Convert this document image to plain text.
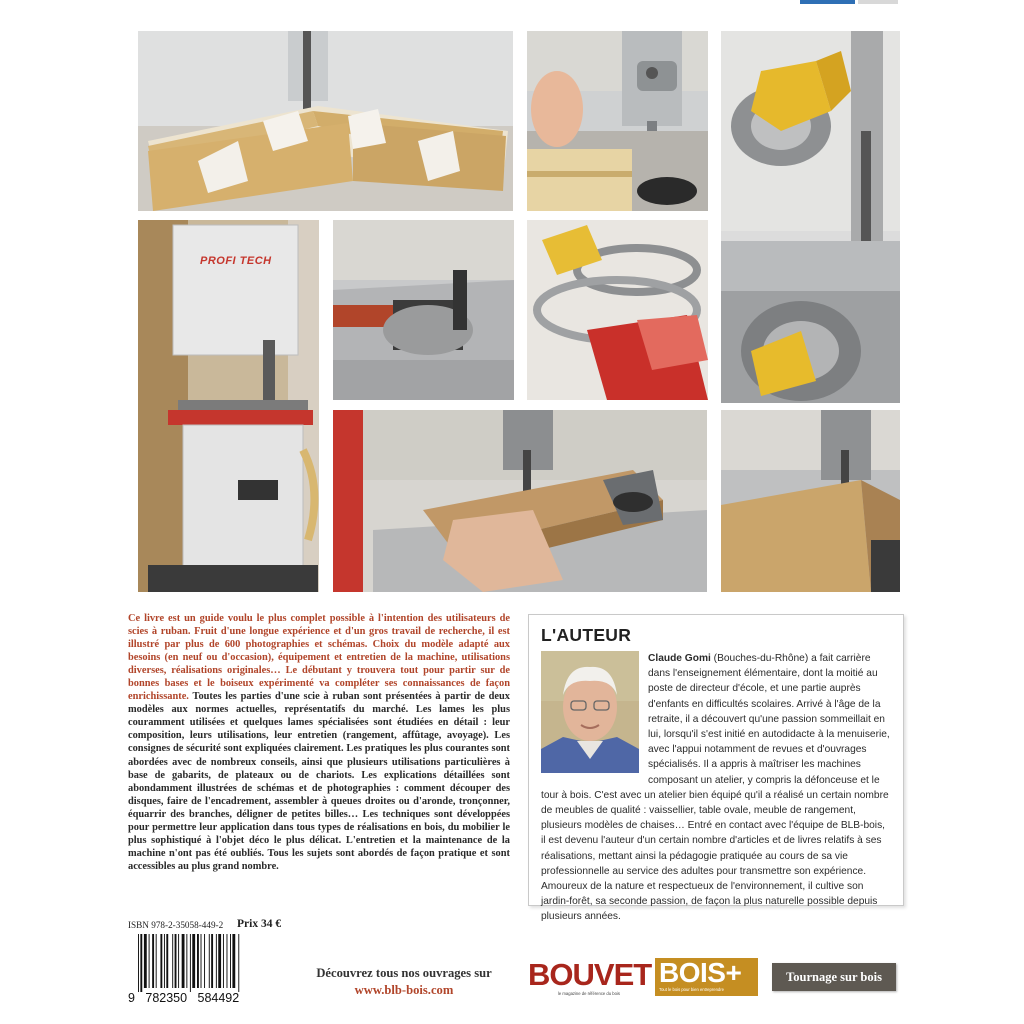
PROFI TECH

Ce livre est un guide voulu le plus complet possible à l'intention des utilisateurs de scies à ruban. Fruit d'une longue expérience et d'un gros travail de recherche, il est illustré par plus de 600 photographies et schémas. Choix du modèle adapté aux besoins (en neuf ou d'occasion), équipement et entretien de la machine, utilisations diverses, réalisations originales… Le débutant y trouvera tout pour partir sur de bonnes bases et le boiseux expérimenté va compléter ses connaissances de façon enrichissante. Toutes les parties d'une scie à ruban sont présentées à partir de deux modèles aux normes actuelles, représentatifs du marché. Les lames les plus couramment utilisées et quelques lames spécialisées sont étudiées en détail : leur composition, leurs utilisations, leur entretien (rangement, affûtage, avoyage). Les consignes de sécurité sont expliquées clairement. Les pratiques les plus courantes sont abordées avec de nombreux conseils, ainsi que plusieurs utilisations particulières à base de gabarits, de plateaux ou de chariots. Les explications détaillées sont abondamment illustrées de schémas et de photographies : comment découper des disques, faire de l'encadrement, assembler à queues droites ou d'aronde, tronçonner, équarrir des branches, déligner de petites billes… Les techniques sont développées pour permettre leur application dans tous types de réalisations en bois, du mobilier le plus sophistiqué à l'objet déco le plus délicat. L'entretien et la maintenance de la machine n'ont pas été oubliés. Tous les sujets sont abordés de façon pratique et sont accessibles au plus grand nombre.

L'AUTEUR

Claude Gomi (Bouches-du-Rhône) a fait carrière dans l'enseignement élémentaire, dont la moitié au poste de directeur d'école, et une partie auprès d'enfants en difficultés scolaires. Arrivé à l'âge de la retraite, il a découvert qu'une passion sommeillait en lui, lorsqu'il s'est initié en autodidacte à la menuiserie, avec l'appui notamment de revues et d'ouvrages spécialisés. Il a appris à maîtriser les machines composant un atelier, y compris la défonceuse et le tour à bois. C'est avec un atelier bien équipé qu'il a réalisé un certain nombre de meubles de qualité : vaissellier, table ovale, meuble de rangement, plusieurs modèles de chaises… Entré en contact avec l'équipe de BLB-bois, il est devenu l'auteur d'un certain nombre d'articles et de livres relatifs à ses réalisations, mettant ainsi la pédagogie pratiquée au cours de sa vie professionnelle au service des adultes pour transmettre son expérience. Amoureux de la nature et respectueux de l'environnement, il cultive son jardin-forêt, sa seconde passion, de façon la plus naturelle possible depuis plusieurs années.

ISBN 978-2-35058-449-2 Prix 34 €
9   782350   584492
Découvrez tous nos ouvrages sur
www.blb-bois.com	BOUVET
le magazine de référence du bois
BOIS+
Tout le bois pour bien entreprendre
Tournage sur bois
